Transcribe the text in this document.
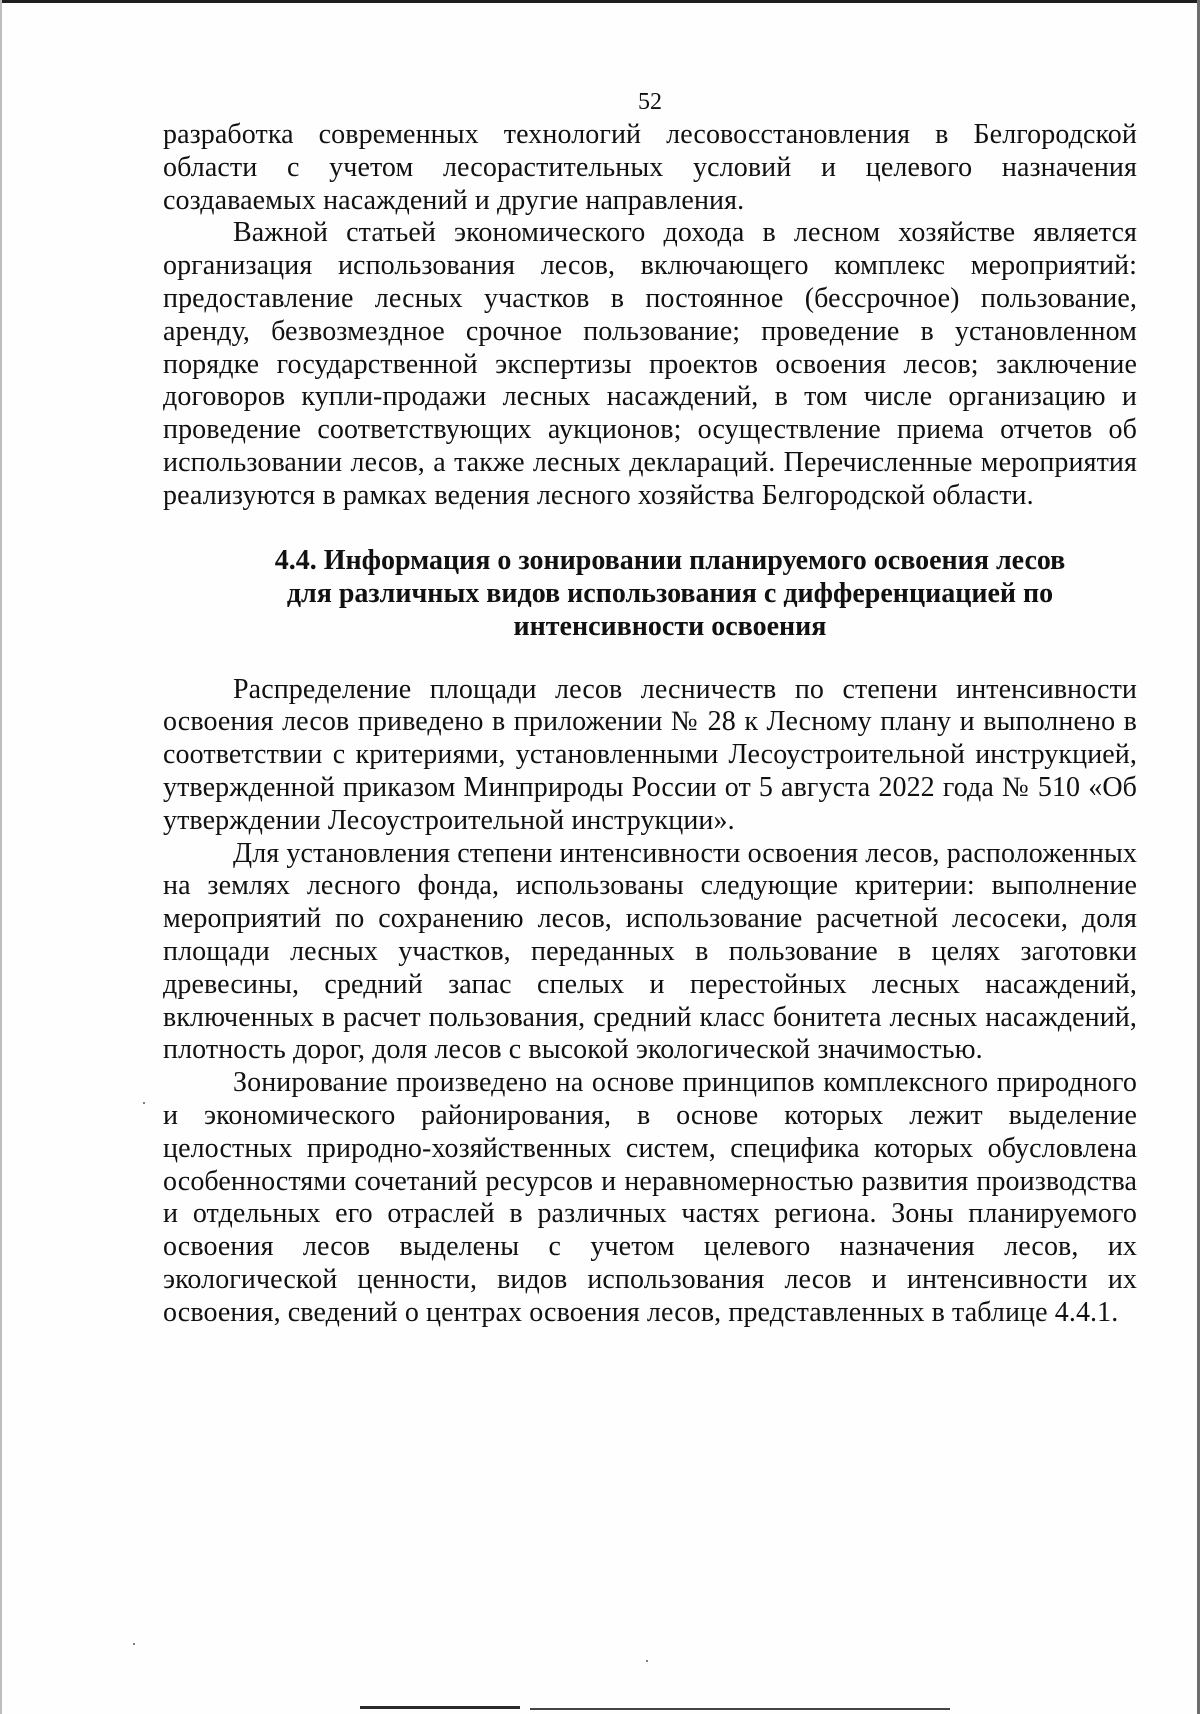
52

разработка современных технологий лесовосстановления в Белгородской области с учетом лесорастительных условий и целевого назначения создаваемых насаждений и другие направления.

Важной статьей экономического дохода в лесном хозяйстве является организация использования лесов, включающего комплекс мероприятий: предоставление лесных участков в постоянное (бессрочное) пользование, аренду, безвозмездное срочное пользование; проведение в установленном порядке государственной экспертизы проектов освоения лесов; заключение договоров купли-продажи лесных насаждений, в том числе организацию и проведение соответствующих аукционов; осуществление приема отчетов об использовании лесов, а также лесных деклараций. Перечисленные мероприятия реализуются в рамках ведения лесного хозяйства Белгородской области.

4.4. Информация о зонировании планируемого освоения лесов
для различных видов использования с дифференциацией по
интенсивности освоения

Распределение площади лесов лесничеств по степени интенсивности освоения лесов приведено в приложении № 28 к Лесному плану и выполнено в соответствии с критериями, установленными Лесоустроительной инструкцией, утвержденной приказом Минприроды России от 5 августа 2022 года № 510 «Об утверждении Лесоустроительной инструкции».

Для установления степени интенсивности освоения лесов, расположенных на землях лесного фонда, использованы следующие критерии: выполнение мероприятий по сохранению лесов, использование расчетной лесосеки, доля площади лесных участков, переданных в пользование в целях заготовки древесины, средний запас спелых и перестойных лесных насаждений, включенных в расчет пользования, средний класс бонитета лесных насаждений, плотность дорог, доля лесов с высокой экологической значимостью.

Зонирование произведено на основе принципов комплексного природного и экономического районирования, в основе которых лежит выделение целостных природно-хозяйственных систем, специфика которых обусловлена особенностями сочетаний ресурсов и неравномерностью развития производства и отдельных его отраслей в различных частях региона. Зоны планируемого освоения лесов выделены с учетом целевого назначения лесов, их экологической ценности, видов использования лесов и интенсивности их освоения, сведений о центрах освоения лесов, представленных в таблице 4.4.1.
